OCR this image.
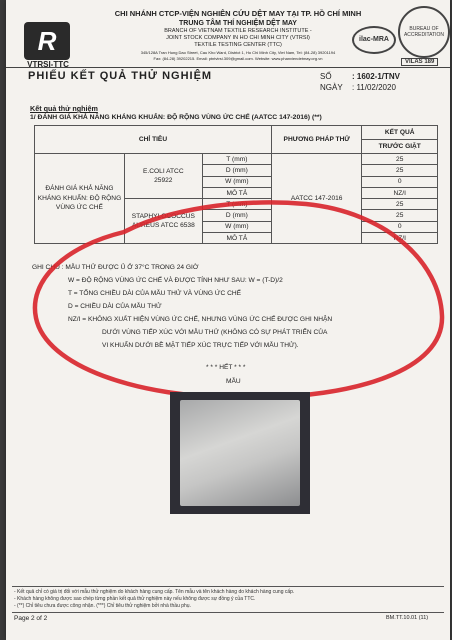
R
VTRSI-TTC
CHI NHÁNH CTCP-VIỆN NGHIÊN CỨU DỆT MAY TẠI TP. HỒ CHÍ MINH
TRUNG TÂM THÍ NGHIỆM DỆT MAY
BRANCH OF VIETNAM TEXTILE RESEARCH INSTITUTE -
JOINT STOCK COMPANY IN HO CHI MINH CITY (VTRSI)
TEXTILE TESTING CENTER (TTC)
345/128A Tran Hung Dao Street, Cau Kho Ward, District 1, Ho Chi Minh City, Viet Nam, Tel: (84-28) 39201194
Fax: (84-28) 39202215. Email: ptntvtrsi.309@gmail.com. Website: www.phanviendetmay.org.vn
ilac-MRA
BUREAU OF ACCREDITATION
VILAS 189
PHIẾU KẾT QUẢ THỬ NGHIỆM	SỐ	: 1602-1/TNV
NGÀY : 11/02/2020
Kết quả thử nghiệm
1/ ĐÁNH GIÁ KHẢ NĂNG KHÁNG KHUẨN: ĐỘ RỘNG VÙNG ỨC CHẾ (AATCC 147-2016) (**)
CHỈ TIÊU			PHƯƠNG PHÁP THỬ	KẾT QUẢ
				TRƯỚC GIẶT
ĐÁNH GIÁ KHẢ NĂNG KHÁNG KHUẨN: ĐỘ RỘNG VÙNG ỨC CHẾ	E.COLI ATCC
25922	T (mm)	AATCC 147-2016	25
		D (mm)		25
		W (mm)		0
		MÔ TẢ		NZ/I
	STAPHYLOCOCCUS
AUREUS ATCC 6538	T (mm)		25
		D (mm)		25
		W (mm)		0
		MÔ TẢ		NZ/I
GHI CHÚ : MẪU THỬ ĐƯỢC Ủ Ở 37°C TRONG 24 GIỜ
W = ĐỘ RỘNG VÙNG ỨC CHẾ VÀ ĐƯỢC TÍNH NHƯ SAU: W = (T-D)/2
T = TỔNG CHIỀU DÀI CỦA MẪU THỬ VÀ VÙNG ỨC CHẾ
D = CHIỀU DÀI CỦA MẪU THỬ
NZ/I = KHÔNG XUẤT HIỆN VÙNG ỨC CHẾ, NHƯNG VÙNG ỨC CHẾ ĐƯỢC GHI NHẬN
DƯỚI VÙNG TIẾP XÚC VỚI MẪU THỬ (KHÔNG CÓ SỰ PHÁT TRIỂN CỦA
VI KHUẨN DƯỚI BỀ MẶT TIẾP XÚC TRỰC TIẾP VỚI MẪU THỬ).
* * * HẾT * * *
MẪU
- Kết quả chỉ có giá trị đối với mẫu thử nghiệm do khách hàng cung cấp. Tên mẫu và tên khách hàng do khách hàng cung cấp.
- Khách hàng không được sao chép từng phần kết quả thử nghiệm này nếu không được sự đồng ý của TTC.
- (**) Chỉ tiêu chưa được công nhận. (***) Chỉ tiêu thử nghiệm bởi nhà thầu phụ.
Page 2 of 2	BM.TT.10.01 (11)
